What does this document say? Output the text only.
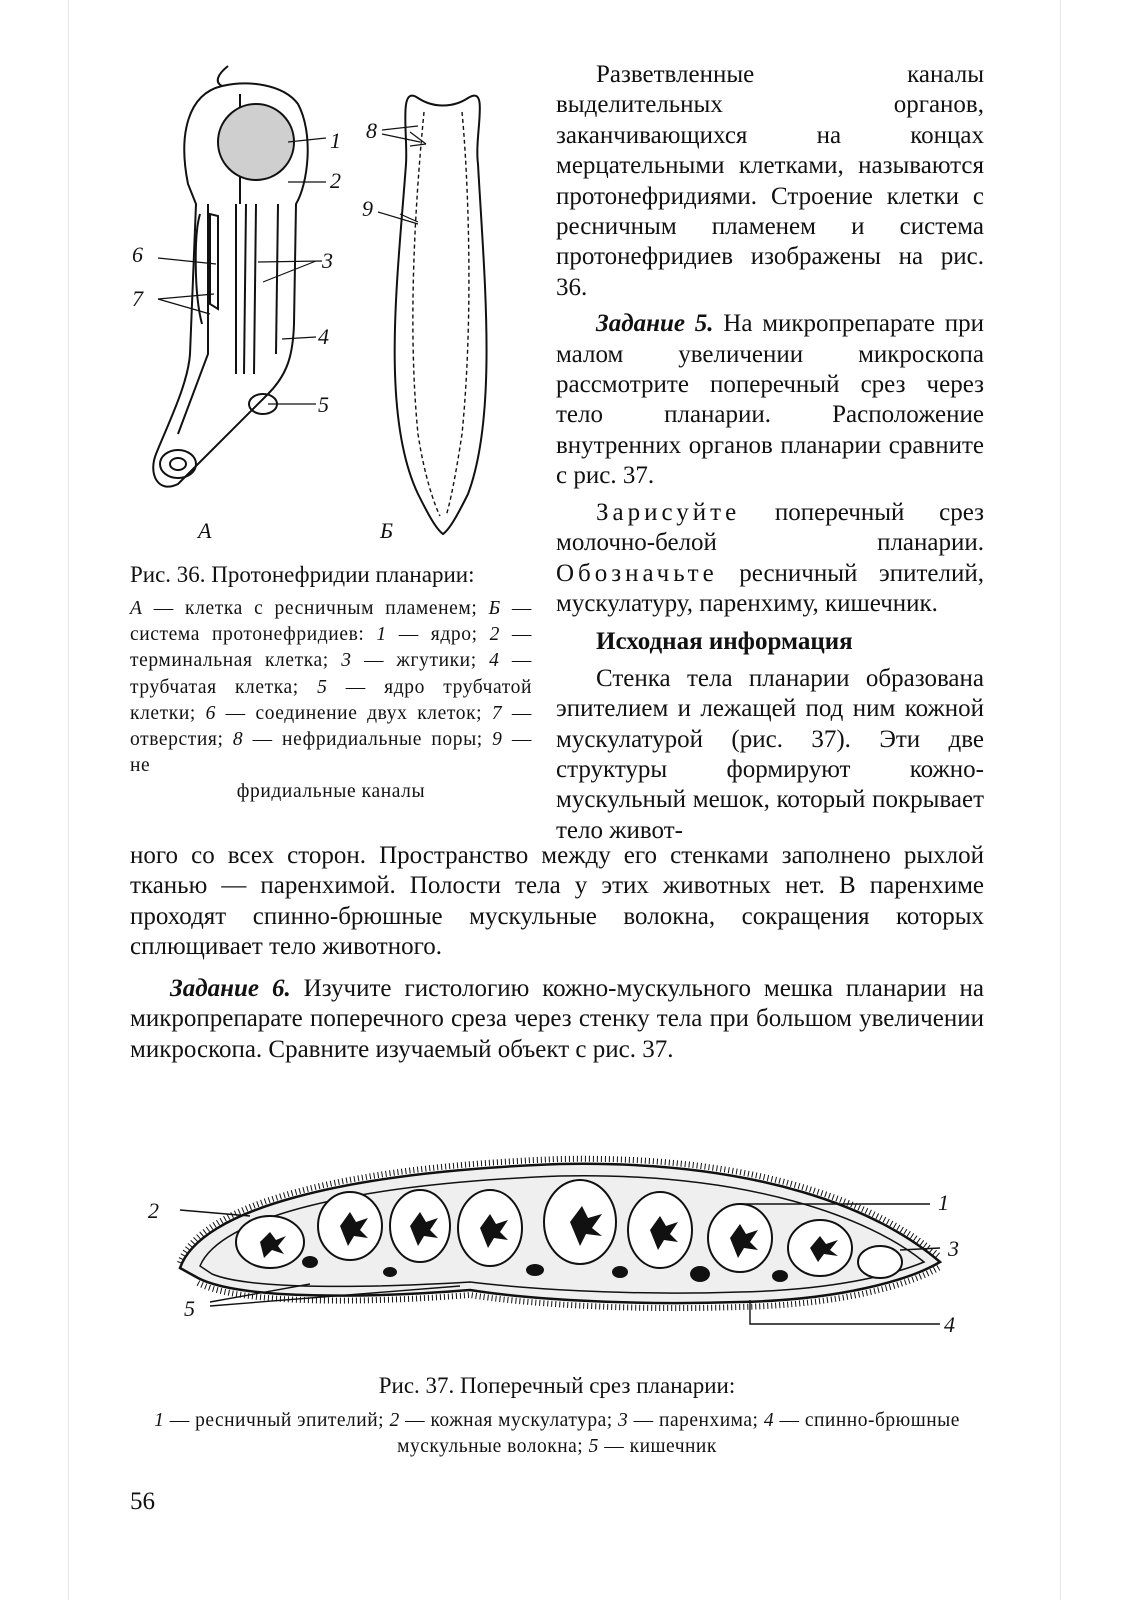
1
2
3
4
5
6
7
8
9
А	Б
Рис. 36. Протонефридии планарии:
А — клетка с ресничным пламенем; Б — система протонефридиев: 1 — ядро; 2 — терминальная клетка; 3 — жгутики; 4 — трубчатая клетка; 5 — ядро трубчатой клетки; 6 — соединение двух клеток; 7 — отверстия; 8 — нефридиальные поры; 9 — не
фридиальные каналы

Разветвленные каналы выделительных органов, заканчивающихся на концах мерцательными клетками, называются протонефридиями. Строение клетки с ресничным пламенем и система протонефридиев изображены на рис. 36.

Задание 5. На микропрепарате при малом увеличении микроскопа рассмотрите поперечный срез через тело планарии. Расположение внутренних органов планарии сравните с рис. 37.

Зарисуйте поперечный срез молочно-белой планарии. Обозначьте ресничный эпителий, мускулатуру, паренхиму, кишечник.

Исходная информация

Стенка тела планарии образована эпителием и лежащей под ним кожной мускулатурой (рис. 37). Эти две структуры формируют кожно-мускульный мешок, который покрывает тело живот-

ного со всех сторон. Пространство между его стенками заполнено рыхлой тканью — паренхимой. Полости тела у этих животных нет. В паренхиме проходят спинно-брюшные мускульные волокна, сокращения которых сплющивает тело животного.

Задание 6. Изучите гистологию кожно-мускульного мешка планарии на микропрепарате поперечного среза через стенку тела при большом увеличении микроскопа. Сравните изучаемый объект с рис. 37.

2	1
3
4
5
Рис. 37. Поперечный срез планарии:
1 — ресничный эпителий; 2 — кожная мускулатура; 3 — паренхима; 4 — спинно-брюшные мускульные волокна; 5 — кишечник
56
